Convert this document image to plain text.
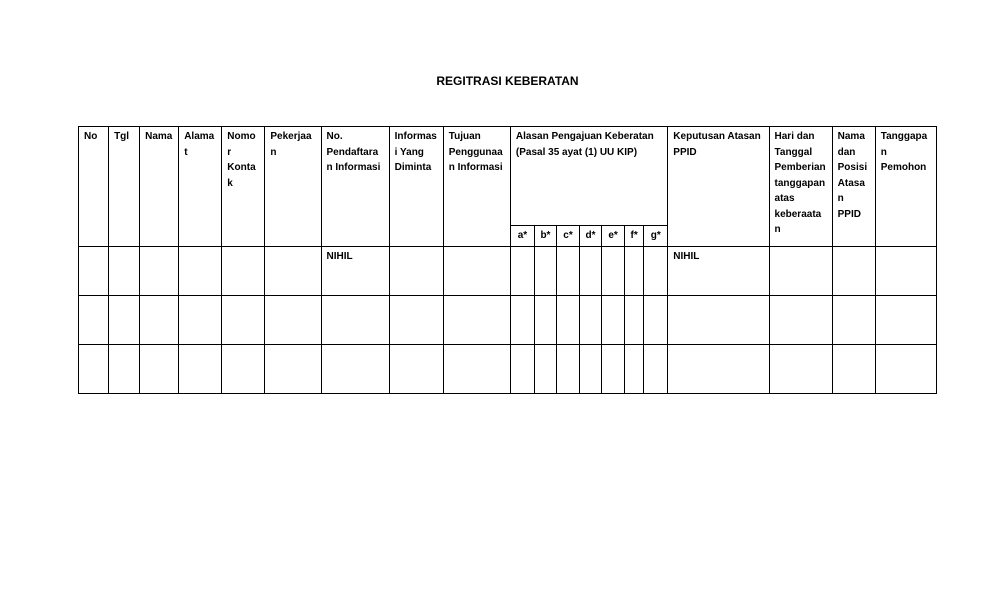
REGITRASI KEBERATAN
No	Tgl	Nama	Alamat	Nomor Kontak	Pekerjaan	No. Pendaftaran Informasi	Informasi Yang Diminta	Tujuan Penggunaan Informasi	Alasan Pengajuan Keberatan (Pasal 35 ayat (1) UU KIP)							Keputusan Atasan PPID	Hari dan Tanggal Pemberian tanggapan atas keberaatan	Nama dan Posisi Atasan PPID	Tanggapan Pemohon
									a*	b*	c*	d*	e*	f*	g*				
						NIHIL										NIHIL			
